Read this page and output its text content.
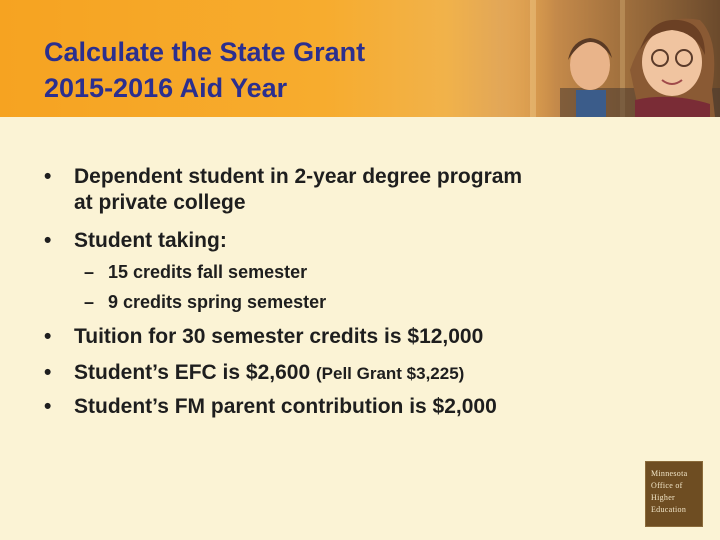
Calculate the State Grant
2015-2016 Aid Year
• Dependent student in 2-year degree program
at private college
• Student taking:
– 15 credits fall semester
– 9 credits spring semester
• Tuition for 30 semester credits is $12,000
• Student’s EFC is $2,600 (Pell Grant $3,225)
• Student’s FM parent contribution is $2,000
Minnesota
Office of
Higher
Education
